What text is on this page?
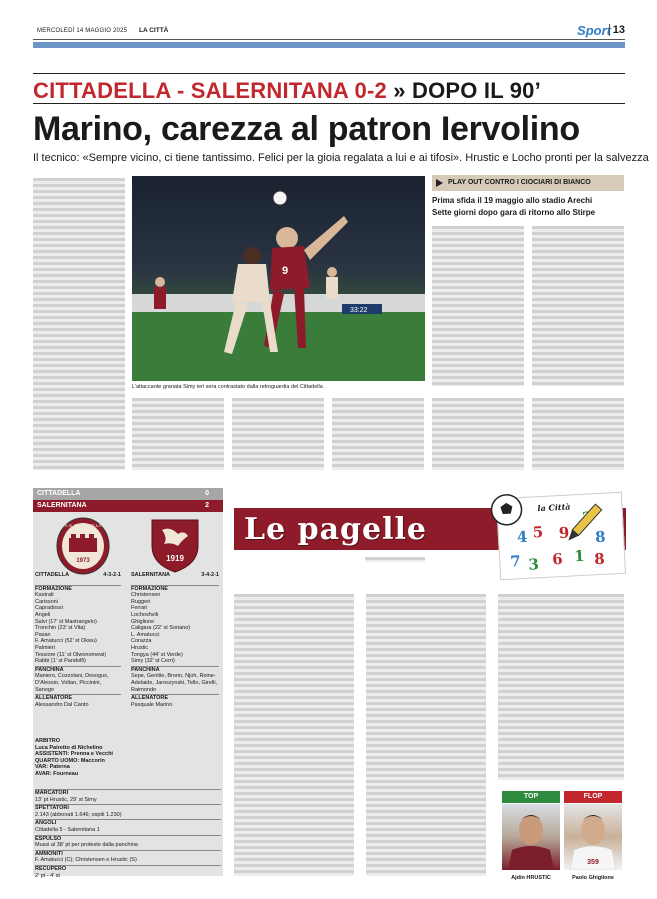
MERCOLEDÌ 14 MAGGIO 2025 LA CITTÀ	Sport 13
CITTADELLA - SALERNITANA 0-2 » DOPO IL 90’
Marino, carezza al patron Iervolino
Il tecnico: «Sempre vicino, ci tiene tantissimo. Felici per la gioia regalata a lui e ai tifosi». Hrustic e Locho pronti per la salvezza
9
33:22
L’attaccante granata Simy ieri sera contrastato dalla retroguardia del Cittadella
PLAY OUT CONTRO I CIOCIARI DI BIANCO
Prima sfida il 19 maggio allo stadio Arechi
Sette giorni dopo gara di ritorno allo Stirpe
CITTADELLA	0
SALERNITANA	2
A.S. CITTADELLA
1973	1919
CITTADELLA	4-3-2-1
FORMAZIONE
Kastrati
Carissoni
Capradossi
Angeli
Salvi (17’ st Mastrangelo)
Tronchin (23’ st Vita)
Pasan
F. Amatucci (52’ st Okwu)
Palmieri
Tessiore (11’ st Olwonomewi)
Rabbi (1’ st Pandolfi)
PANCHINA
Maniero, Cozzolani, Desogus, D’Alessio, Voltan, Piccinini, Sanogo
ALLENATORE
Alessandro Dal Canto
SALERNITANA	3-4-2-1
FORMAZIONE
Christensen
Ruggeri
Ferrari
Lochoshvili
Ghiglione
Caligara (22’ st Soriano)
L. Amatucci
Corazza
Hrustic
Tongya (44’ st Verde)
Simy (32’ st Cerri)
PANCHINA
Sepe, Gentile, Bronn, Njoh, Reine-Adelaide, Jaroszynski, Tello, Girelli, Raimondo
ALLENATORE
Pasquale Marino
ARBITRO
Luca Pairetto di Nichelino
ASSISTENTI: Prenna e Vecchi
QUARTO UOMO: Maccorin
VAR: Paterna
AVAR: Fourneau
MARCATORI
13’ pt Hrustic, 29’ st Simy
SPETTATORI
2.143 (abbonati 1.646; ospiti 1.230)
ANGOLI
Cittadella 5 - Salernitana 1
ESPULSO
Mussi al 38’ pt per proteste dalla panchina
AMMONITI
F. Amatucci (C); Christensen e Hrustic (S)
RECUPERO
2’ pt - 4’ st
Le pagelle
la Città
4 5 9 8
7 3 6 1 8
TOP	FLOP
359
Ajdin HRUSTIC	Paolo Ghiglione
